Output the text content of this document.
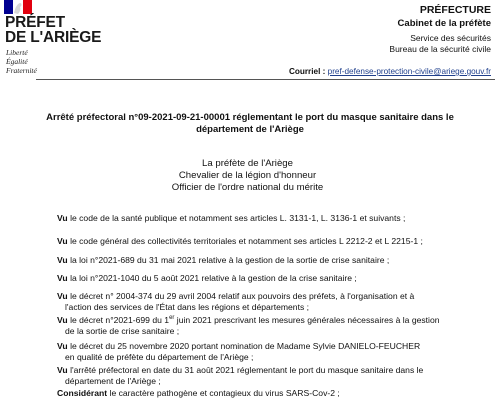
PRÉFET
DE L'ARIÈGE
Liberté
Égalité
Fraternité
PRÉFECTURE
Cabinet de la préfète
Service des sécurités
Bureau de la sécurité civile
Courriel : pref-defense-protection-civile@ariege.gouv.fr
Arrêté préfectoral n°09-2021-09-21-00001 réglementant le port du masque sanitaire dans le
département de l'Ariège
La préfète de l'Ariège
Chevalier de la légion d'honneur
Officier de l'ordre national du mérite
Vu le code de la santé publique et notamment ses articles L. 3131-1, L. 3136-1 et suivants ;
Vu le code général des collectivités territoriales et notamment ses articles L 2212-2 et L 2215-1 ;
Vu la loi n°2021-689 du 31 mai 2021 relative à la gestion de la sortie de crise sanitaire ;
Vu la loi n°2021-1040 du 5 août 2021 relative à la gestion de la crise sanitaire ;
Vu le décret n° 2004-374 du 29 avril 2004 relatif aux pouvoirs des préfets, à l'organisation et à
l'action des services de l'État dans les régions et départements ;
Vu le décret n°2021-699 du 1er juin 2021 prescrivant les mesures générales nécessaires à la gestion
de la sortie de crise sanitaire ;
Vu le décret du 25 novembre 2020 portant nomination de Madame Sylvie DANIELO-FEUCHER
en qualité de préfète du département de l'Ariège ;
Vu l'arrêté préfectoral en date du 31 août 2021 réglementant le port du masque sanitaire dans le
département de l'Ariège ;
Considérant le caractère pathogène et contagieux du virus SARS-Cov-2 ;
